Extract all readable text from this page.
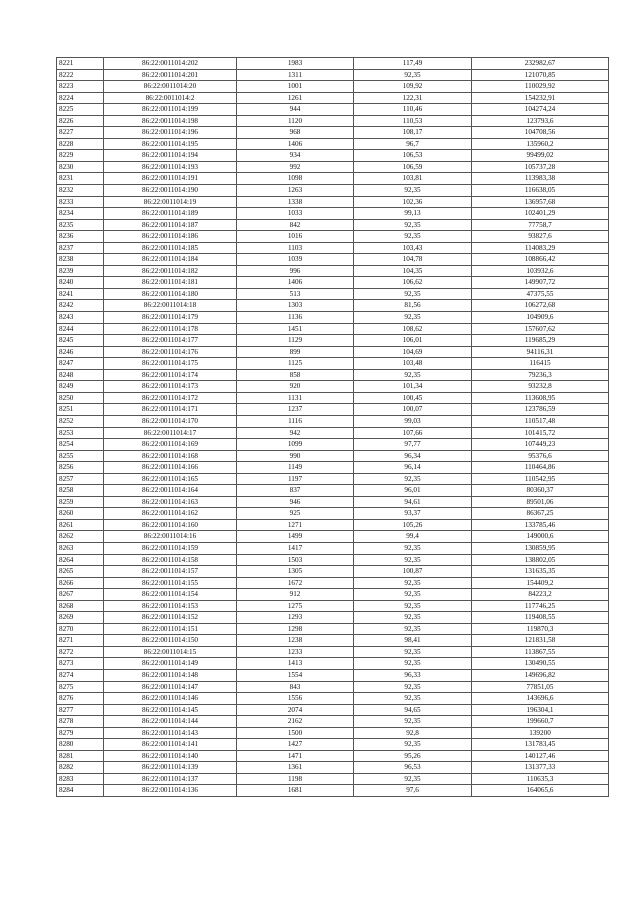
8221	86:22:0011014:202	1983	117,49	232982,67
8222	86:22:0011014:201	1311	92,35	121070,85
8223	86:22:0011014:20	1001	109,92	110029,92
8224	86:22:0011014:2	1261	122,31	154232,91
8225	86:22:0011014:199	944	110,46	104274,24
8226	86:22:0011014:198	1120	110,53	123793,6
8227	86:22:0011014:196	968	108,17	104708,56
8228	86:22:0011014:195	1406	96,7	135960,2
8229	86:22:0011014:194	934	106,53	99499,02
8230	86:22:0011014:193	992	106,59	105737,28
8231	86:22:0011014:191	1098	103,81	113983,38
8232	86:22:0011014:190	1263	92,35	116638,05
8233	86:22:0011014:19	1338	102,36	136957,68
8234	86:22:0011014:189	1033	99,13	102401,29
8235	86:22:0011014:187	842	92,35	77758,7
8236	86:22:0011014:186	1016	92,35	93827,6
8237	86:22:0011014:185	1103	103,43	114083,29
8238	86:22:0011014:184	1039	104,78	108866,42
8239	86:22:0011014:182	996	104,35	103932,6
8240	86:22:0011014:181	1406	106,62	149907,72
8241	86:22:0011014:180	513	92,35	47375,55
8242	86:22:0011014:18	1303	81,56	106272,68
8243	86:22:0011014:179	1136	92,35	104909,6
8244	86:22:0011014:178	1451	108,62	157607,62
8245	86:22:0011014:177	1129	106,01	119685,29
8246	86:22:0011014:176	899	104,69	94116,31
8247	86:22:0011014:175	1125	103,48	116415
8248	86:22:0011014:174	858	92,35	79236,3
8249	86:22:0011014:173	920	101,34	93232,8
8250	86:22:0011014:172	1131	100,45	113608,95
8251	86:22:0011014:171	1237	100,07	123786,59
8252	86:22:0011014:170	1116	99,03	110517,48
8253	86:22:0011014:17	942	107,66	101415,72
8254	86:22:0011014:169	1099	97,77	107449,23
8255	86:22:0011014:168	990	96,34	95376,6
8256	86:22:0011014:166	1149	96,14	110464,86
8257	86:22:0011014:165	1197	92,35	110542,95
8258	86:22:0011014:164	837	96,01	80360,37
8259	86:22:0011014:163	946	94,61	89501,06
8260	86:22:0011014:162	925	93,37	86367,25
8261	86:22:0011014:160	1271	105,26	133785,46
8262	86:22:0011014:16	1499	99,4	149000,6
8263	86:22:0011014:159	1417	92,35	130859,95
8264	86:22:0011014:158	1503	92,35	138802,05
8265	86:22:0011014:157	1305	100,87	131635,35
8266	86:22:0011014:155	1672	92,35	154409,2
8267	86:22:0011014:154	912	92,35	84223,2
8268	86:22:0011014:153	1275	92,35	117746,25
8269	86:22:0011014:152	1293	92,35	119408,55
8270	86:22:0011014:151	1298	92,35	119870,3
8271	86:22:0011014:150	1238	98,41	121831,58
8272	86:22:0011014:15	1233	92,35	113867,55
8273	86:22:0011014:149	1413	92,35	130490,55
8274	86:22:0011014:148	1554	96,33	149696,82
8275	86:22:0011014:147	843	92,35	77851,05
8276	86:22:0011014:146	1556	92,35	143696,6
8277	86:22:0011014:145	2074	94,65	196304,1
8278	86:22:0011014:144	2162	92,35	199660,7
8279	86:22:0011014:143	1500	92,8	139200
8280	86:22:0011014:141	1427	92,35	131783,45
8281	86:22:0011014:140	1471	95,26	140127,46
8282	86:22:0011014:139	1361	96,53	131377,33
8283	86:22:0011014:137	1198	92,35	110635,3
8284	86:22:0011014:136	1681	97,6	164065,6
